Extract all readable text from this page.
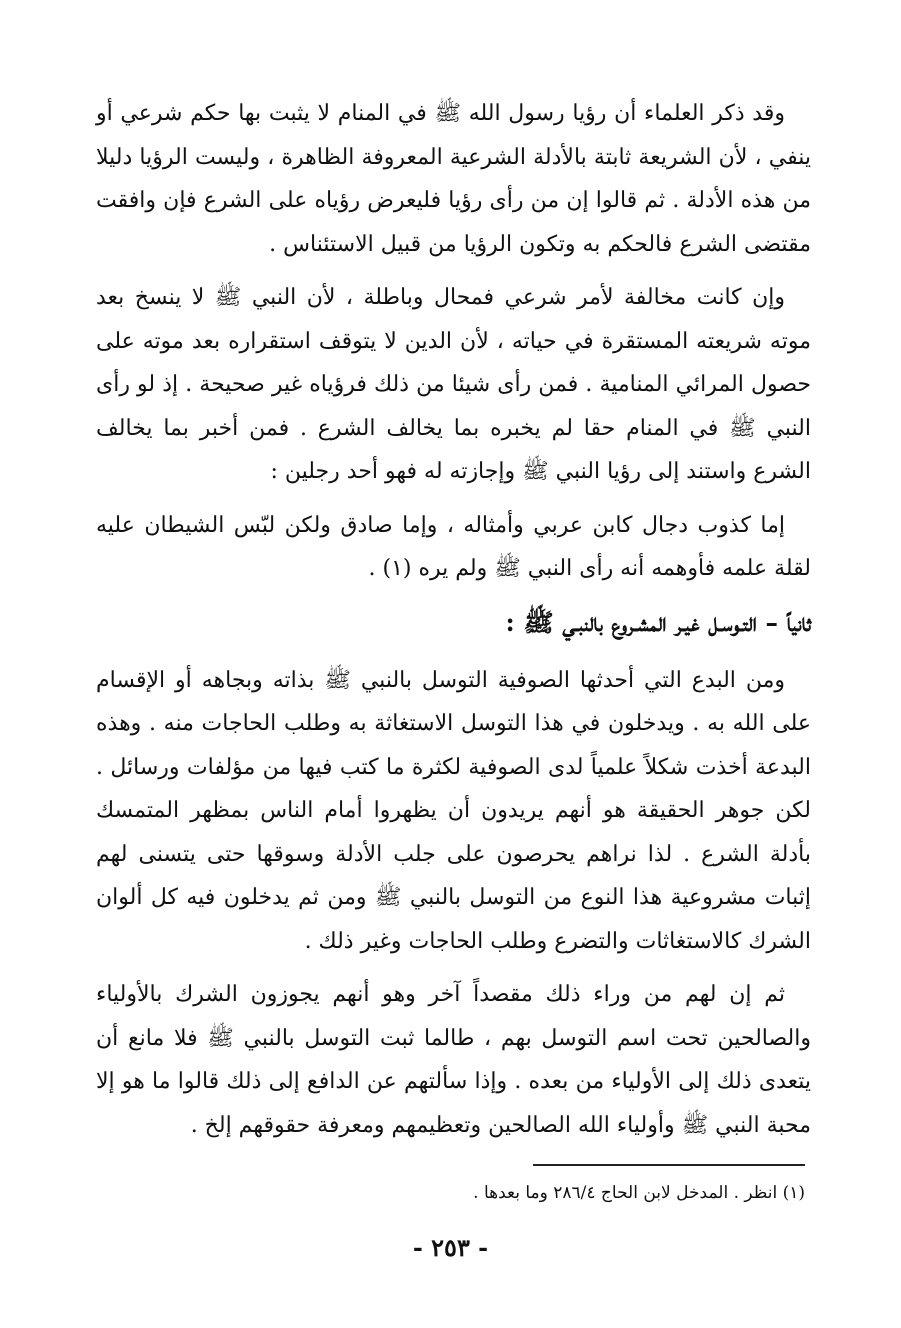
وقد ذكر العلماء أن رؤيا رسول الله ﷺ في المنام لا يثبت بها حكم شرعي أو ينفي ، لأن الشريعة ثابتة بالأدلة الشرعية المعروفة الظاهرة ، وليست الرؤيا دليلا من هذه الأدلة . ثم قالوا إن من رأى رؤيا فليعرض رؤياه على الشرع فإن وافقت مقتضى الشرع فالحكم به وتكون الرؤيا من قبيل الاستئناس .

وإن كانت مخالفة لأمر شرعي فمحال وباطلة ، لأن النبي ﷺ لا ينسخ بعد موته شريعته المستقرة في حياته ، لأن الدين لا يتوقف استقراره بعد موته على حصول المرائي المنامية . فمن رأى شيئا من ذلك فرؤياه غير صحيحة . إذ لو رأى النبي ﷺ في المنام حقا لم يخبره بما يخالف الشرع . فمن أخبر بما يخالف الشرع واستند إلى رؤيا النبي ﷺ وإجازته له فهو أحد رجلين :

إما كذوب دجال كابن عربي وأمثاله ، وإما صادق ولكن لبّس الشيطان عليه لقلة علمه فأوهمه أنه رأى النبي ﷺ ولم يره (١) .

ثانياً – التـوسـل غيـر المشـروع بالنبـي ﷺ :

ومن البدع التي أحدثها الصوفية التوسل بالنبي ﷺ بذاته وبجاهه أو الإقسام على الله به . ويدخلون في هذا التوسل الاستغاثة به وطلب الحاجات منه . وهذه البدعة أخذت شكلاً علمياً لدى الصوفية لكثرة ما كتب فيها من مؤلفات ورسائل . لكن جوهر الحقيقة هو أنهم يريدون أن يظهروا أمام الناس بمظهر المتمسك بأدلة الشرع . لذا نراهم يحرصون على جلب الأدلة وسوقها حتى يتسنى لهم إثبات مشروعية هذا النوع من التوسل بالنبي ﷺ ومن ثم يدخلون فيه كل ألوان الشرك كالاستغاثات والتضرع وطلب الحاجات وغير ذلك .

ثم إن لهم من وراء ذلك مقصداً آخر وهو أنهم يجوزون الشرك بالأولياء والصالحين تحت اسم التوسل بهم ، طالما ثبت التوسل بالنبي ﷺ فلا مانع أن يتعدى ذلك إلى الأولياء من بعده . وإذا سألتهم عن الدافع إلى ذلك قالوا ما هو إلا محبة النبي ﷺ وأولياء الله الصالحين وتعظيمهم ومعرفة حقوقهم إلخ .

(١) انظر . المدخل لابن الحاج ٢٨٦/٤ وما بعدها .
- ٢٥٣ -
